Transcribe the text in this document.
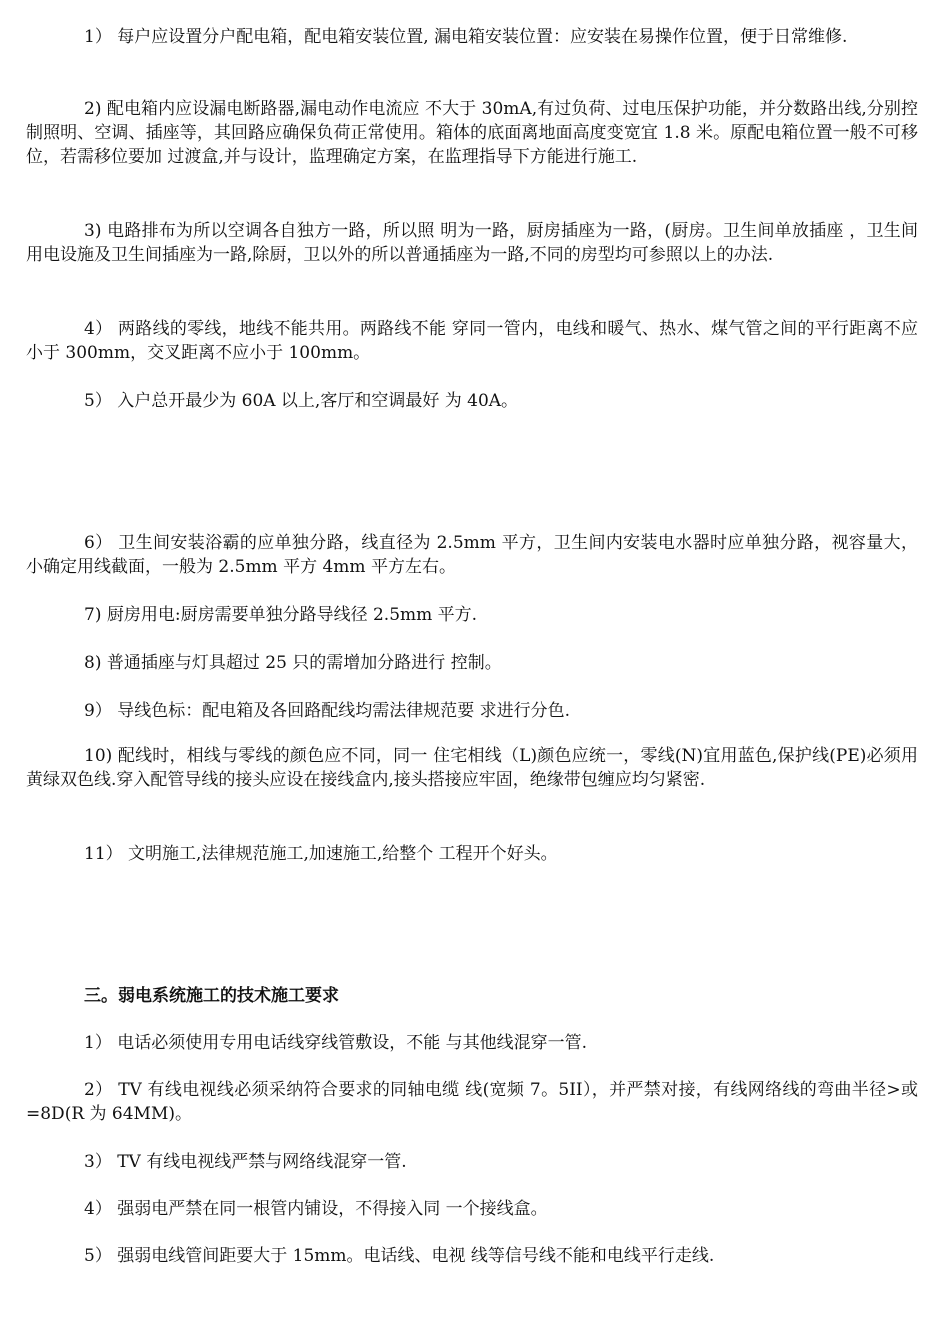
1） 每户应设置分户配电箱，配电箱安装位置, 漏电箱安装位置：应安装在易操作位置，便于日常维修.

2) 配电箱内应设漏电断路器,漏电动作电流应 不大于 30mA,有过负荷、过电压保护功能，并分数路出线,分别控制照明、空调、插座等，其回路应确保负荷正常使用。箱体的底面离地面高度变宽宜 1.8 米。原配电箱位置一般不可移位，若需移位要加 过渡盒,并与设计，监理确定方案，在监理指导下方能进行施工.

3) 电路排布为所以空调各自独方一路，所以照 明为一路，厨房插座为一路，(厨房。卫生间单放插座 ，卫生间用电设施及卫生间插座为一路,除厨，卫以外的所以普通插座为一路,不同的房型均可参照以上的办法.

4） 两路线的零线，地线不能共用。两路线不能 穿同一管内，电线和暖气、热水、煤气管之间的平行距离不应小于 300mm，交叉距离不应小于 100mm。

5） 入户总开最少为 60A 以上,客厅和空调最好 为 40A。

6） 卫生间安装浴霸的应单独分路，线直径为 2.5mm 平方，卫生间内安装电水器时应单独分路，视容量大，小确定用线截面，一般为 2.5mm 平方 4mm 平方左右。

7) 厨房用电:厨房需要单独分路导线径 2.5mm 平方.

8) 普通插座与灯具超过 25 只的需增加分路进行 控制。

9） 导线色标：配电箱及各回路配线均需法律规范要 求进行分色.

10) 配线时，相线与零线的颜色应不同，同一 住宅相线（L)颜色应统一，零线(N)宜用蓝色,保护线(PE)必须用黄绿双色线.穿入配管导线的接头应设在接线盒内,接头搭接应牢固，绝缘带包缠应均匀紧密.

11） 文明施工,法律规范施工,加速施工,给整个 工程开个好头。

三。弱电系统施工的技术施工要求

1） 电话必须使用专用电话线穿线管敷设，不能 与其他线混穿一管.

2） TV 有线电视线必须采纳符合要求的同轴电缆 线(宽频 7。5II），并严禁对接，有线网络线的弯曲半径>或=8D(R 为 64MM)。

3） TV 有线电视线严禁与网络线混穿一管.

4） 强弱电严禁在同一根管内铺设，不得接入同 一个接线盒。

5） 强弱电线管间距要大于 15mm。电话线、电视 线等信号线不能和电线平行走线.
